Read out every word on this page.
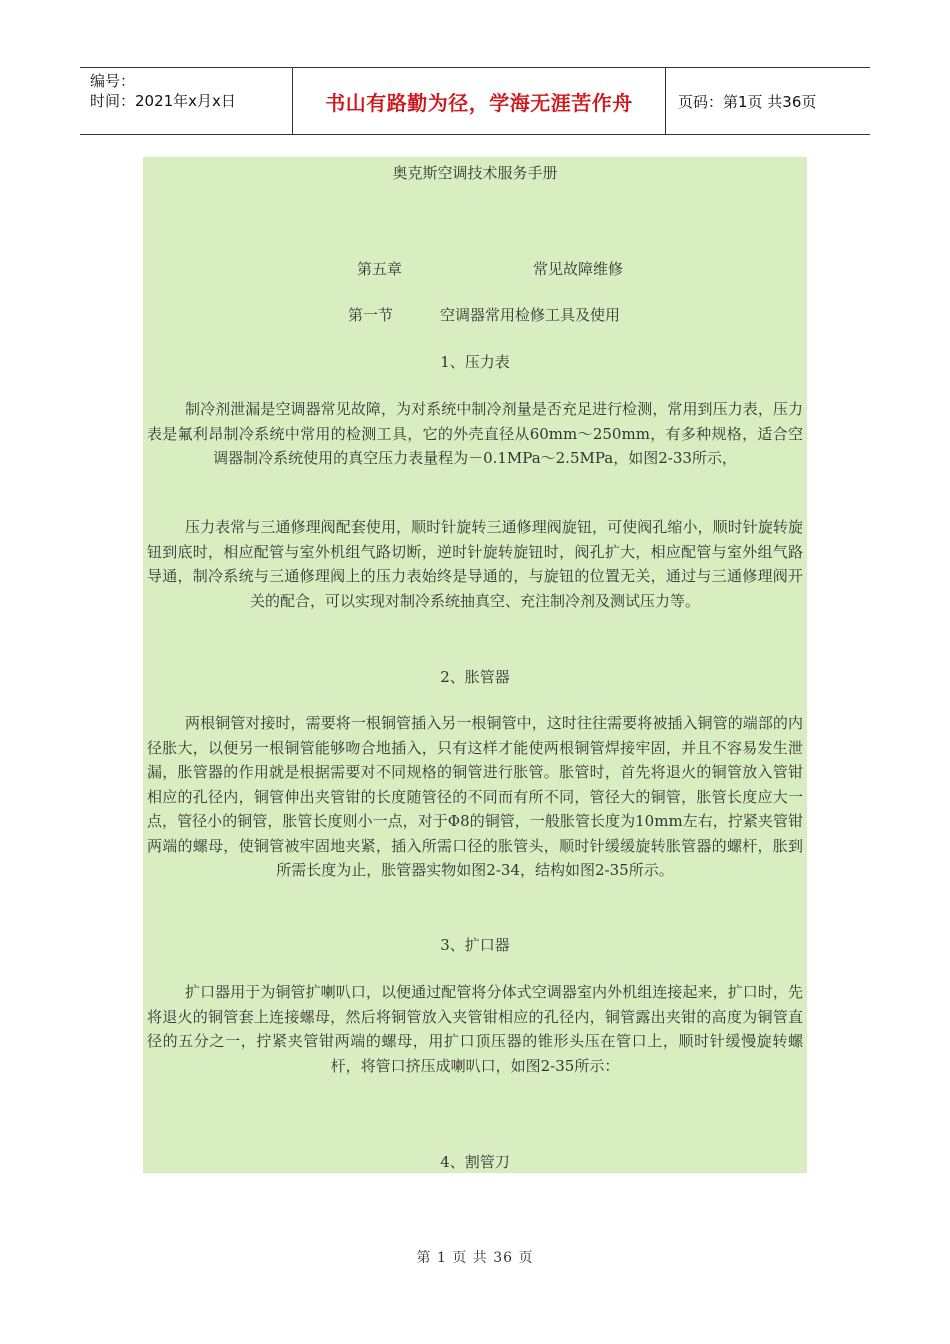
编号：
时间：2021年x月x日	书山有路勤为径，学海无涯苦作舟	页码：第1页 共36页
奥克斯空调技术服务手册
第五章	常见故障维修
第一节	空调器常用检修工具及使用
1、压力表
制冷剂泄漏是空调器常见故障，为对系统中制冷剂量是否充足进行检测，常用到压力表，压力表是氟利昂制冷系统中常用的检测工具，它的外壳直径从60mm～250mm，有多种规格，适合空调器制冷系统使用的真空压力表量程为－0.1MPa～2.5MPa，如图2-33所示，
压力表常与三通修理阀配套使用，顺时针旋转三通修理阀旋钮，可使阀孔缩小，顺时针旋转旋钮到底时，相应配管与室外机组气路切断，逆时针旋转旋钮时，阀孔扩大，相应配管与室外组气路导通，制冷系统与三通修理阀上的压力表始终是导通的，与旋钮的位置无关，通过与三通修理阀开关的配合，可以实现对制冷系统抽真空、充注制冷剂及测试压力等。
2、胀管器
两根铜管对接时，需要将一根铜管插入另一根铜管中，这时往往需要将被插入铜管的端部的内径胀大，以便另一根铜管能够吻合地插入，只有这样才能使两根铜管焊接牢固，并且不容易发生泄漏，胀管器的作用就是根据需要对不同规格的铜管进行胀管。胀管时，首先将退火的铜管放入管钳相应的孔径内，铜管伸出夹管钳的长度随管径的不同而有所不同，管径大的铜管，胀管长度应大一点，管径小的铜管，胀管长度则小一点，对于Φ8的铜管，一般胀管长度为10mm左右，拧紧夹管钳两端的螺母，使铜管被牢固地夹紧，插入所需口径的胀管头，顺时针缓缓旋转胀管器的螺杆，胀到所需长度为止，胀管器实物如图2-34，结构如图2-35所示。
3、扩口器
扩口器用于为铜管扩喇叭口，以便通过配管将分体式空调器室内外机组连接起来，扩口时，先将退火的铜管套上连接螺母，然后将铜管放入夹管钳相应的孔径内，铜管露出夹钳的高度为铜管直径的五分之一，拧紧夹管钳两端的螺母，用扩口顶压器的锥形头压在管口上，顺时针缓慢旋转螺杆，将管口挤压成喇叭口，如图2-35所示：
4、割管刀
第 1 页 共 36 页
